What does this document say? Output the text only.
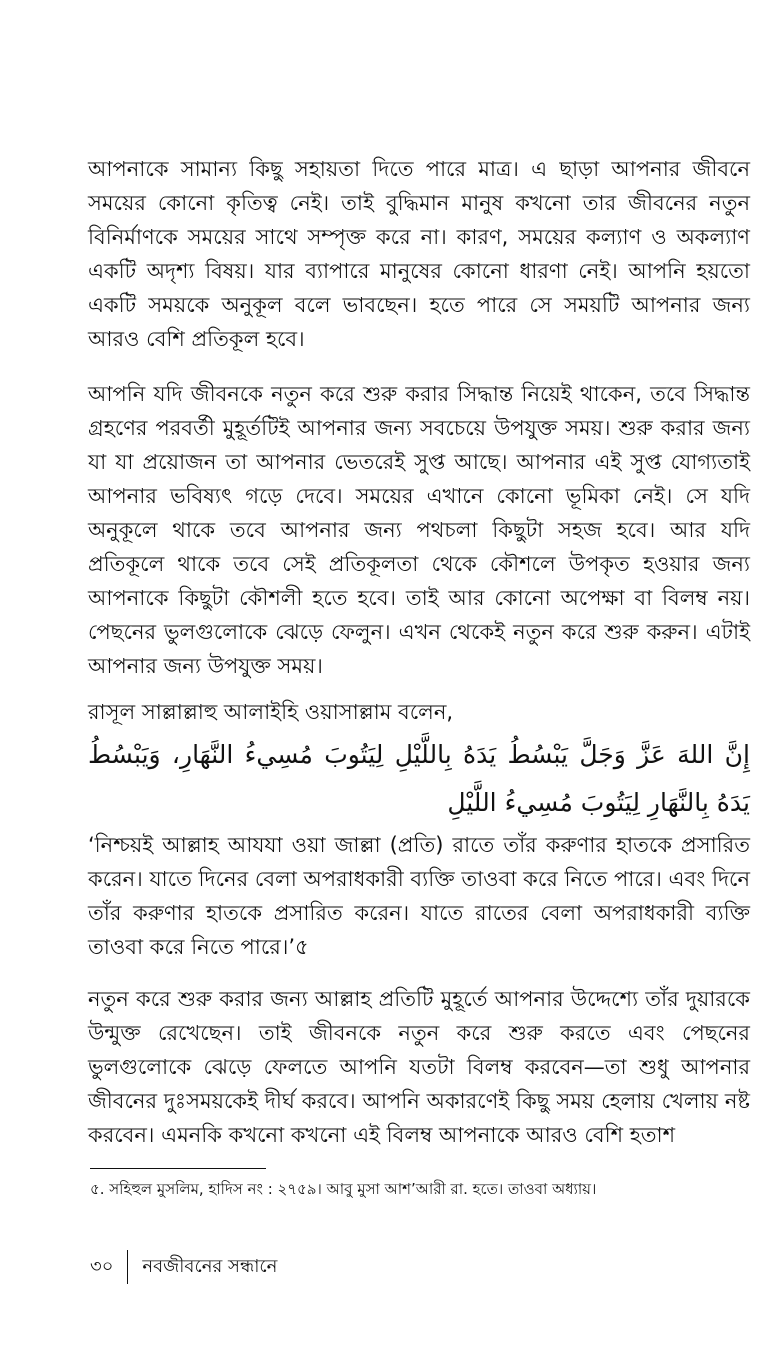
আপনাকে সামান্য কিছু সহায়তা দিতে পারে মাত্র। এ ছাড়া আপনার জীবনে সময়ের কোনো কৃতিত্ব নেই। তাই বুদ্ধিমান মানুষ কখনো তার জীবনের নতুন বিনির্মাণকে সময়ের সাথে সম্পৃক্ত করে না। কারণ, সময়ের কল্যাণ ও অকল্যাণ একটি অদৃশ্য বিষয়। যার ব্যাপারে মানুষের কোনো ধারণা নেই। আপনি হয়তো একটি সময়কে অনুকূল বলে ভাবছেন। হতে পারে সে সময়টি আপনার জন্য আরও বেশি প্রতিকূল হবে।

আপনি যদি জীবনকে নতুন করে শুরু করার সিদ্ধান্ত নিয়েই থাকেন, তবে সিদ্ধান্ত গ্রহণের পরবর্তী মুহূর্তটিই আপনার জন্য সবচেয়ে উপযুক্ত সময়। শুরু করার জন্য যা যা প্রয়োজন তা আপনার ভেতরেই সুপ্ত আছে। আপনার এই সুপ্ত যোগ্যতাই আপনার ভবিষ্যৎ গড়ে দেবে। সময়ের এখানে কোনো ভূমিকা নেই। সে যদি অনুকূলে থাকে তবে আপনার জন্য পথচলা কিছুটা সহজ হবে। আর যদি প্রতিকূলে থাকে তবে সেই প্রতিকূলতা থেকে কৌশলে উপকৃত হওয়ার জন্য আপনাকে কিছুটা কৌশলী হতে হবে। তাই আর কোনো অপেক্ষা বা বিলম্ব নয়। পেছনের ভুলগুলোকে ঝেড়ে ফেলুন। এখন থেকেই নতুন করে শুরু করুন। এটাই আপনার জন্য উপযুক্ত সময়।

রাসূল সাল্লাল্লাহু আলাইহি ওয়াসাল্লাম বলেন,

إِنَّ اللهَ عَزَّ وَجَلَّ يَبْسُطُ يَدَهُ بِاللَّيْلِ لِيَتُوبَ مُسِيءُ النَّهَارِ، وَيَبْسُطُ يَدَهُ بِالنَّهَارِ لِيَتُوبَ مُسِيءُ اللَّيْلِ

‘নিশ্চয়ই আল্লাহ আযযা ওয়া জাল্লা (প্রতি) রাতে তাঁর করুণার হাতকে প্রসারিত করেন। যাতে দিনের বেলা অপরাধকারী ব্যক্তি তাওবা করে নিতে পারে। এবং দিনে তাঁর করুণার হাতকে প্রসারিত করেন। যাতে রাতের বেলা অপরাধকারী ব্যক্তি তাওবা করে নিতে পারে।’৫

নতুন করে শুরু করার জন্য আল্লাহ প্রতিটি মুহূর্তে আপনার উদ্দেশ্যে তাঁর দুয়ারকে উন্মুক্ত রেখেছেন। তাই জীবনকে নতুন করে শুরু করতে এবং পেছনের ভুলগুলোকে ঝেড়ে ফেলতে আপনি যতটা বিলম্ব করবেন—তা শুধু আপনার জীবনের দুঃসময়কেই দীর্ঘ করবে। আপনি অকারণেই কিছু সময় হেলায় খেলায় নষ্ট করবেন। এমনকি কখনো কখনো এই বিলম্ব আপনাকে আরও বেশি হতাশ

৫. সহিহুল মুসলিম, হাদিস নং : ২৭৫৯। আবু মুসা আশ’আরী রা. হতে। তাওবা অধ্যায়।

৩০	নবজীবনের সন্ধানে
